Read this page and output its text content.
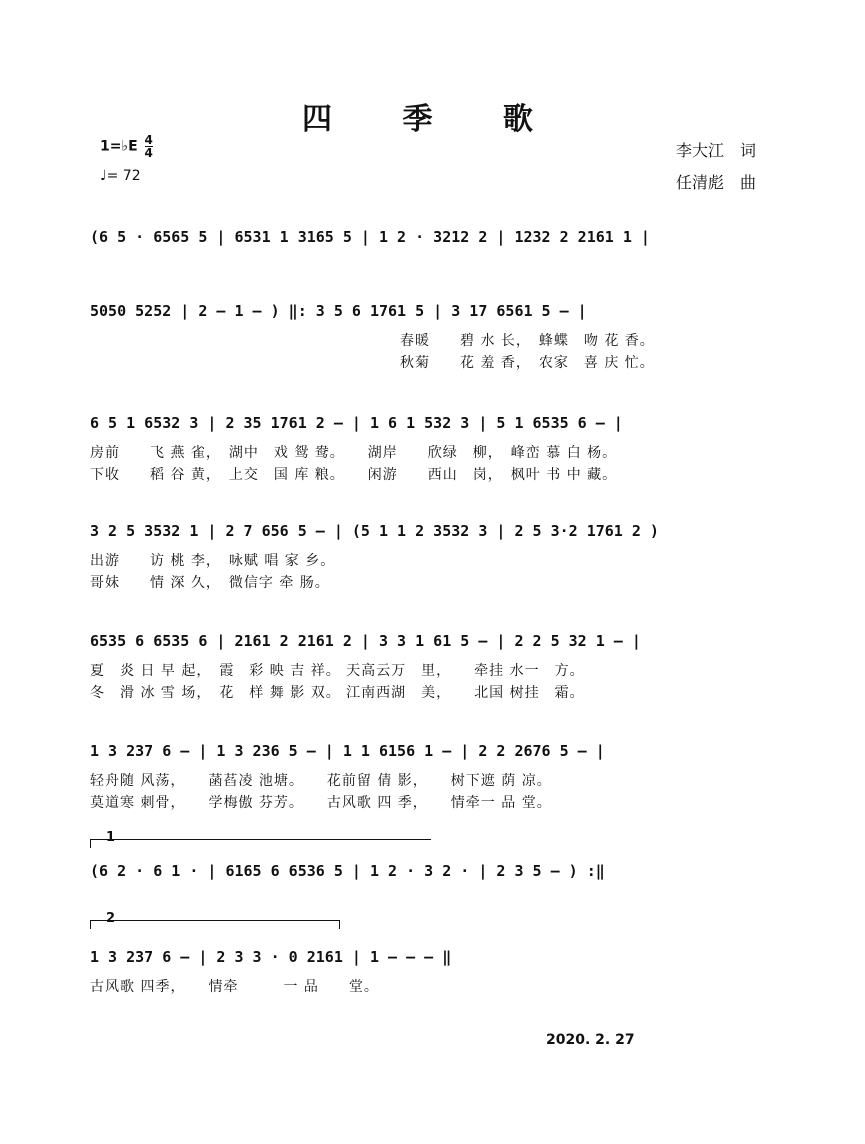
四 季 歌
1=♭E $\frac{4}{4}$
♩= 72
李大江　词
任清彪　曲
(6 5 · 6565 5 | 6531 1 3165 5 | 1 2 · 3212 2 | 1232 2 2161 1 |
5050 5252 | 2 – 1 – ) ‖: 3 5 6 1761 5 | 3 17 6561 5 – |
春暖　　碧 水 长，　蜂蝶　吻 花 香。
秋菊　　花 羞 香，　农家　喜 庆 忙。
6 5 1 6532 3 | 2 35 1761 2 – | 1 6 1 532 3 | 5 1 6535 6 – |
房前　　飞 燕 雀，　湖中　戏 鸳 鸯。　　湖岸　　欣绿　柳，　峰峦 慕 白 杨。
下收　　稻 谷 黄，　上交　国 库 粮。　　闲游　　西山　岗，　枫叶 书 中 藏。
3 2 5 3532 1 | 2 7 656 5 – | (5 1 1 2 3532 3 | 2 5 3·2 1761 2 )
出游　　访 桃 李，　咏赋 唱 家 乡。
哥妹　　情 深 久，　微信字 牵 肠。
6535 6 6535 6 | 2161 2 2161 2 | 3 3 1 61 5 – | 2 2 5 32 1 – |
夏　炎 日 早 起，　霞　彩 映 吉 祥。 天高云万　里，　　牵挂 水一　方。
冬　滑 冰 雪 场，　花　样 舞 影 双。 江南西湖　美，　　北国 树挂　霜。
1 3 237 6 – | 1 3 236 5 – | 1 1 6156 1 – | 2 2 2676 5 – |
轻舟随 风荡，　　菡萏凌 池塘。　　花前留 倩 影，　　树下遮 荫 凉。
莫道寒 刺骨，　　学梅傲 芬芳。　　古风歌 四 季，　　情牵一 品 堂。
1
(6 2 · 6 1 · | 6165 6 6536 5 | 1 2 · 3 2 · | 2 3 5 – ) :‖
2
1 3 237 6 – | 2 3 3 · 0 2161 | 1 – – – ‖
古风歌 四季，　　情牵　　　一 品　　堂。
2020. 2. 27
